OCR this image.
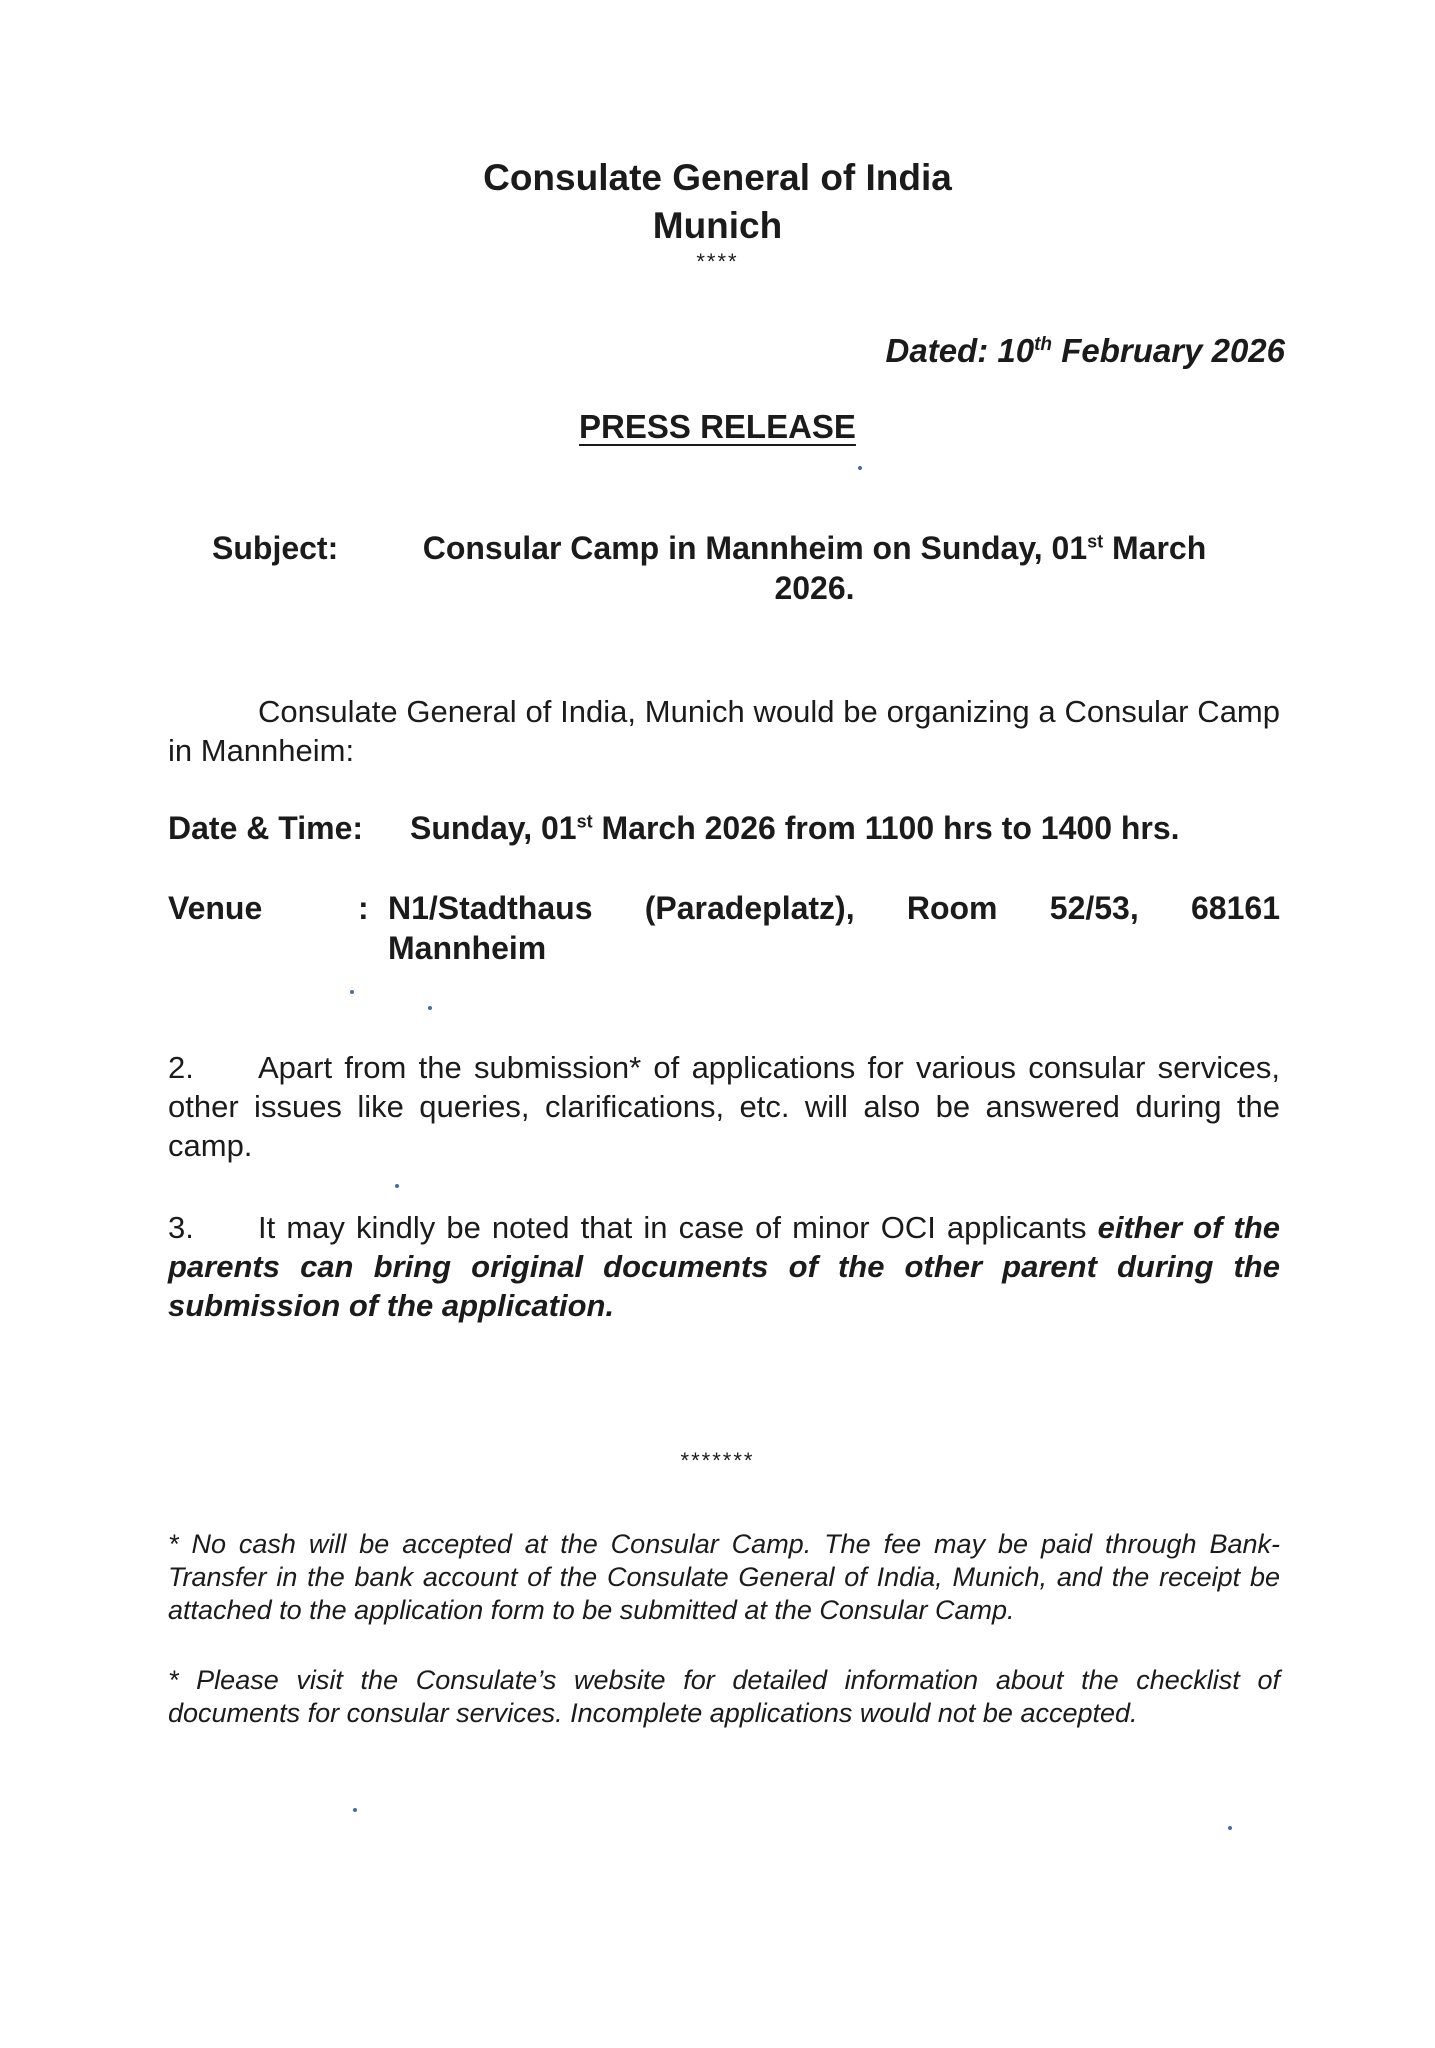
Consulate General of India
Munich
****
Dated: 10th February 2026
PRESS RELEASE
Subject:	Consular Camp in Mannheim on Sunday, 01st March 2026.
Consulate General of India, Munich would be organizing a Consular Camp in Mannheim:
Date & Time: Sunday, 01st March 2026 from 1100 hrs to 1400 hrs.
Venue	: N1/Stadthaus (Paradeplatz), Room 52/53, 68161
Mannheim
2. Apart from the submission* of applications for various consular services, other issues like queries, clarifications, etc. will also be answered during the camp.
3. It may kindly be noted that in case of minor OCI applicants either of the parents can bring original documents of the other parent during the submission of the application.
*******
* No cash will be accepted at the Consular Camp. The fee may be paid through Bank-Transfer in the bank account of the Consulate General of India, Munich, and the receipt be attached to the application form to be submitted at the Consular Camp.
* Please visit the Consulate’s website for detailed information about the checklist of documents for consular services. Incomplete applications would not be accepted.
